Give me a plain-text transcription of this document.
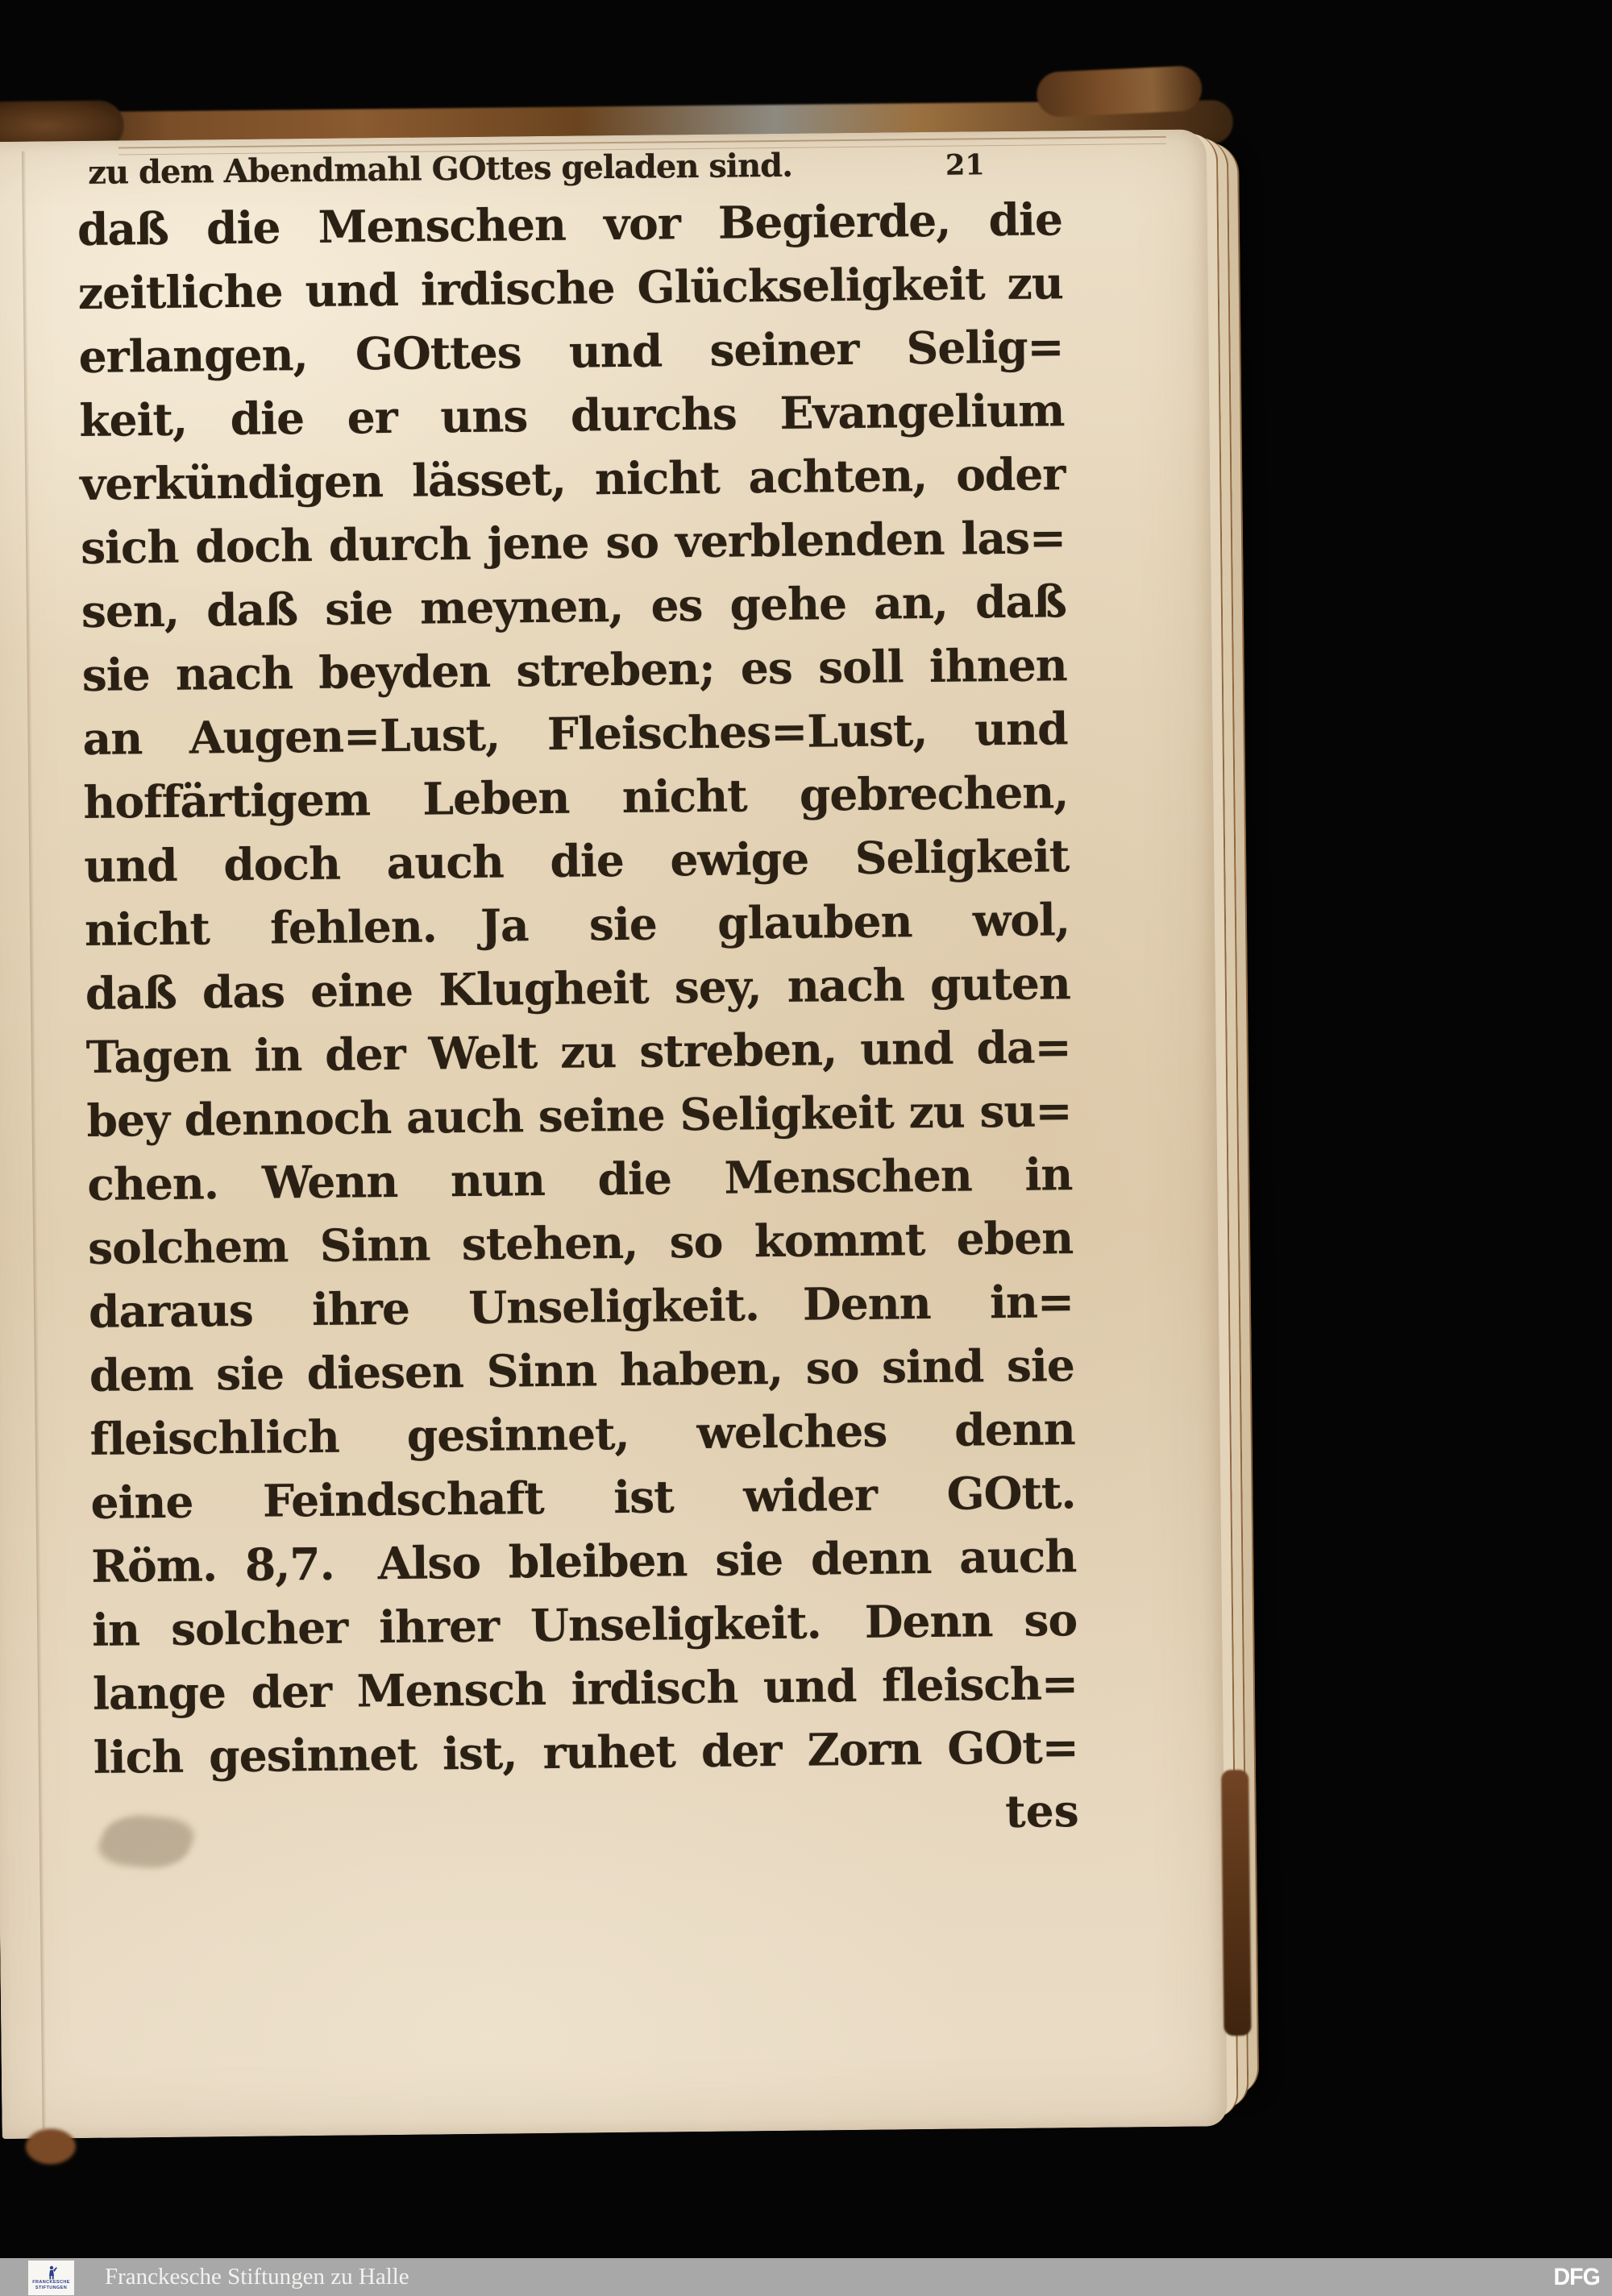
zu dem Abendmahl GOttes geladen sind.	21
daß die Menschen vor Begierde, die
zeitliche und irdische Glückseligkeit zu
erlangen, GOttes und seiner Selig=
keit, die er uns durchs Evangelium
verkündigen lässet, nicht achten, oder
sich doch durch jene so verblenden las=
sen, daß sie meynen, es gehe an, daß
sie nach beyden streben; es soll ihnen
an Augen=Lust, Fleisches=Lust, und
hoffärtigem Leben nicht gebrechen,
und doch auch die ewige Seligkeit
nicht fehlen. Ja sie glauben wol,
daß das eine Klugheit sey, nach guten
Tagen in der Welt zu streben, und da=
bey dennoch auch seine Seligkeit zu su=
chen. Wenn nun die Menschen in
solchem Sinn stehen, so kommt eben
daraus ihre Unseligkeit. Denn in=
dem sie diesen Sinn haben, so sind sie
fleischlich gesinnet, welches denn
eine Feindschaft ist wider GOtt.
Röm. 8,7. Also bleiben sie denn auch
in solcher ihrer Unseligkeit. Denn so
lange der Mensch irdisch und fleisch=
lich gesinnet ist, ruhet der Zorn GOt=
tes
FRANCKESCHE
STIFTUNGEN Franckesche Stiftungen zu Halle	DFG
